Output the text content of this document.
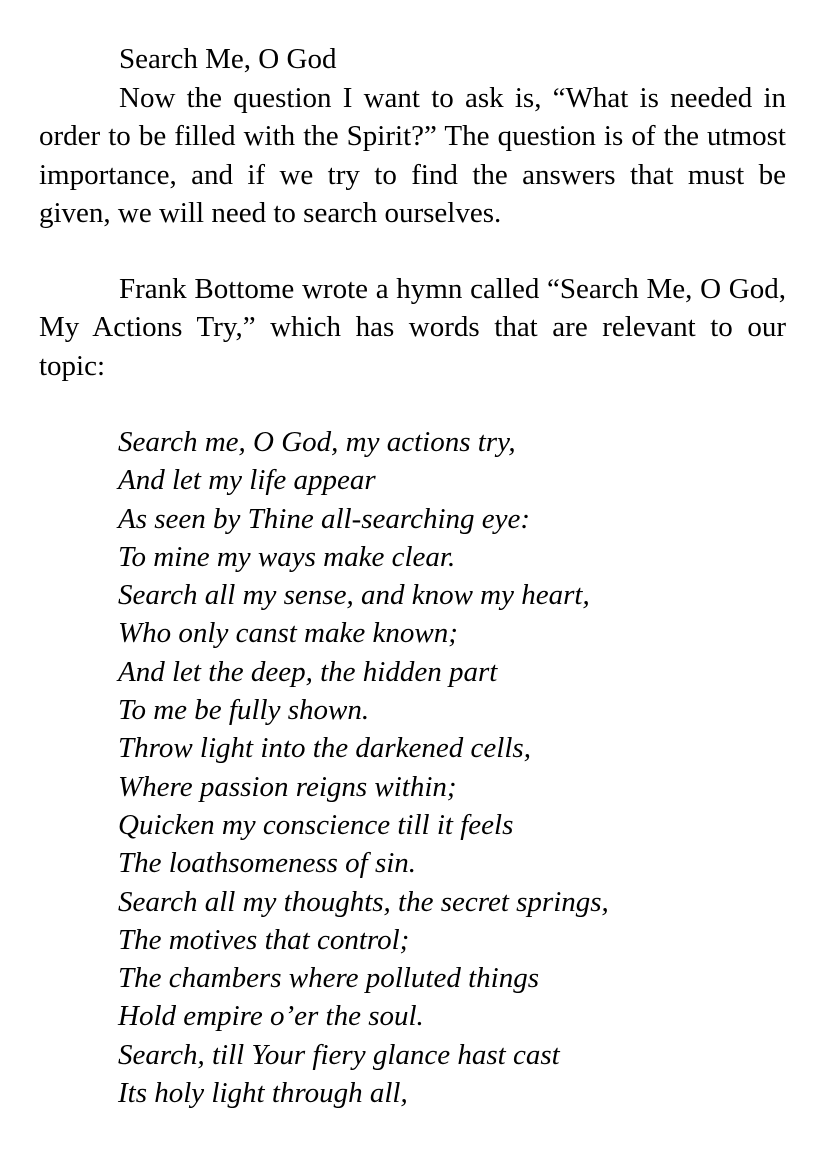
Search Me, O God

Now the question I want to ask is, “What is needed in order to be filled with the Spirit?” The question is of the utmost importance, and if we try to find the answers that must be given, we will need to search ourselves.

Frank Bottome wrote a hymn called “Search Me, O God, My Actions Try,” which has words that are relevant to our topic:

Search me, O God, my actions try,
And let my life appear
As seen by Thine all-searching eye:
To mine my ways make clear.
Search all my sense, and know my heart,
Who only canst make known;
And let the deep, the hidden part
To me be fully shown.
Throw light into the darkened cells,
Where passion reigns within;
Quicken my conscience till it feels
The loathsomeness of sin.
Search all my thoughts, the secret springs,
The motives that control;
The chambers where polluted things
Hold empire o’er the soul.
Search, till Your fiery glance hast cast
Its holy light through all,
